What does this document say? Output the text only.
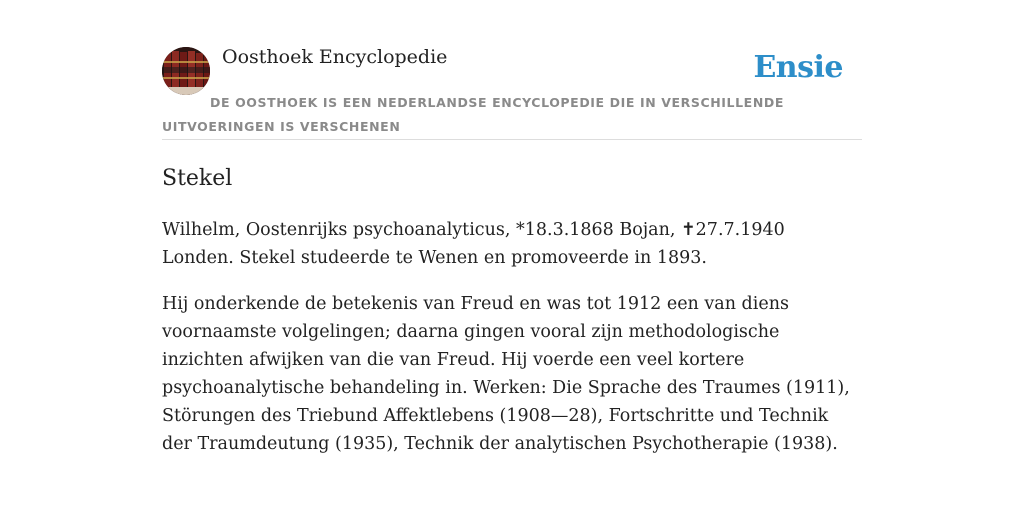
Oosthoek Encyclopedie	Ensie
DE OOSTHOEK IS EEN NEDERLANDSE ENCYCLOPEDIE DIE IN VERSCHILLENDE UITVOERINGEN IS VERSCHENEN
Stekel

Wilhelm, Oostenrijks psychoanalyticus, *18.3.1868 Bojan, ✝27.7.1940 Londen. Stekel studeerde te Wenen en promoveerde in 1893.

Hij onderkende de betekenis van Freud en was tot 1912 een van diens voornaamste volgelingen; daarna gingen vooral zijn methodologische inzichten afwijken van die van Freud. Hij voerde een veel kortere psychoanalytische behandeling in. Werken: Die Sprache des Traumes (1911), Störungen des Triebund Affektlebens (1908—28), Fortschritte und Technik der Traumdeutung (1935), Technik der analytischen Psychotherapie (1938).
